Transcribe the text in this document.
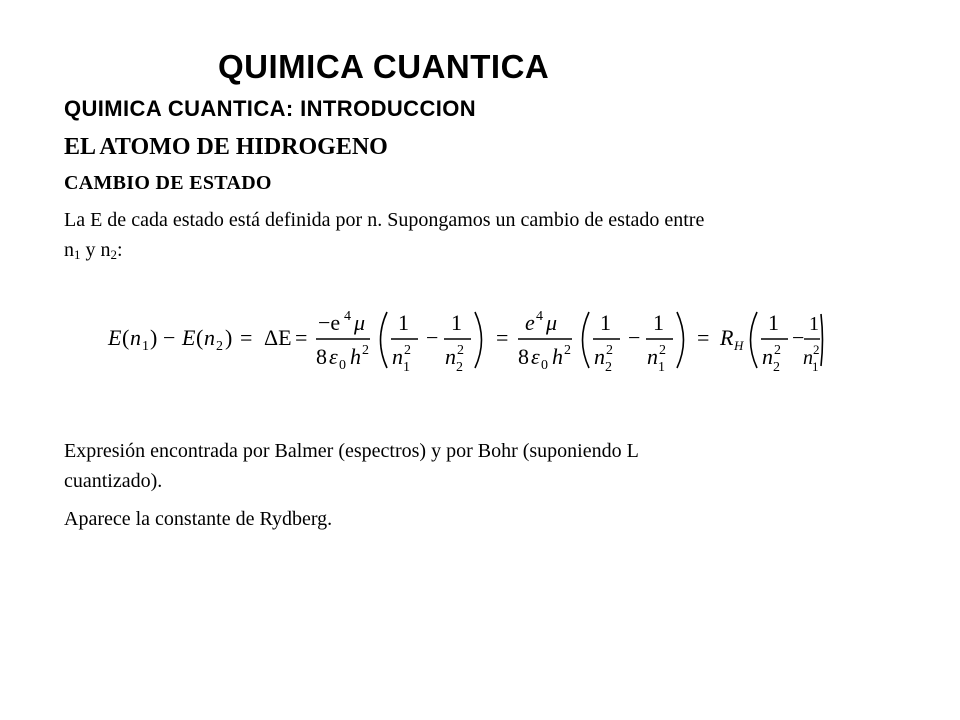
QUIMICA CUANTICA
QUIMICA CUANTICA: INTRODUCCION
EL ATOMO DE HIDROGENO
CAMBIO DE ESTADO
La E de cada estado está definida por n. Supongamos un cambio de estado entre
$n_1$ y $n_2$:
E ( n 1 ) − E ( n 2 ) = ΔE =
−e 4 μ
8 ε 0 h 2
1
n 2
1
−
1
n 2
2
=
e 4 μ
8 ε 0 h 2
1
n 2
2
−
1
n 2
1
= R H
1
n 2
2
−
1
n 2
1
Expresión encontrada por Balmer (espectros) y por Bohr (suponiendo L
cuantizado).
Aparece la constante de Rydberg.
